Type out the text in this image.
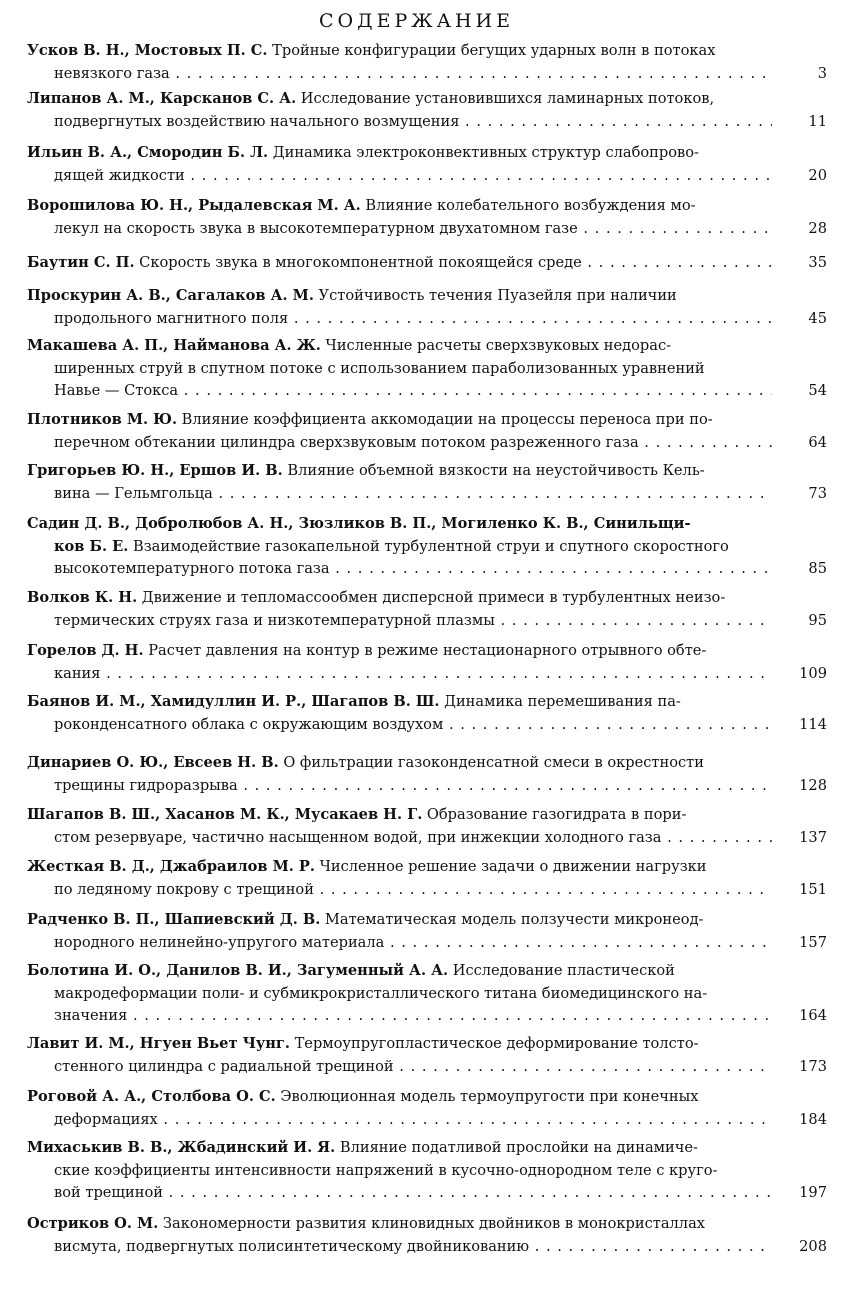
СОДЕРЖАНИЕ
Усков В. Н., Мостовых П. С. Тройные конфигурации бегущих ударных волн в потоках
невязкого газа . . .	3
Липанов А. М., Карсканов С. А. Исследование установившихся ламинарных потоков,
подвергнутых воздействию начального возмущения . . .	11
Ильин В. А., Смородин Б. Л. Динамика электроконвективных структур слабопрово-
дящей жидкости . . .	20
Ворошилова Ю. Н., Рыдалевская М. А. Влияние колебательного возбуждения мо-
лекул на скорость звука в высокотемпературном двухатомном газе . . .	28
Баутин С. П. Скорость звука в многокомпонентной покоящейся среде . . .	35
Проскурин А. В., Сагалаков А. М. Устойчивость течения Пуазейля при наличии
продольного магнитного поля . . .	45
Макашева А. П., Найманова А. Ж. Численные расчеты сверхзвуковых недорас-
ширенных струй в спутном потоке с использованием параболизованных уравнений
Навье — Стокса . . .	54
Плотников М. Ю. Влияние коэффициента аккомодации на процессы переноса при по-
перечном обтекании цилиндра сверхзвуковым потоком разреженного газа . . .	64
Григорьев Ю. Н., Ершов И. В. Влияние объемной вязкости на неустойчивость Кель-
вина — Гельмгольца . . .	73
Садин Д. В., Добролюбов А. Н., Зюзликов В. П., Могиленко К. В., Синильщи-
ков Б. Е. Взаимодействие газокапельной турбулентной струи и спутного скоростного
высокотемпературного потока газа . . .	85
Волков К. Н. Движение и тепломассообмен дисперсной примеси в турбулентных неизо-
термических струях газа и низкотемпературной плазмы . . .	95
Горелов Д. Н. Расчет давления на контур в режиме нестационарного отрывного обте-
кания . . .	109
Баянов И. М., Хамидуллин И. Р., Шагапов В. Ш. Динамика перемешивания па-
роконденсатного облака с окружающим воздухом . . .	114
Динариев О. Ю., Евсеев Н. В. О фильтрации газоконденсатной смеси в окрестности
трещины гидроразрыва . . .	128
Шагапов В. Ш., Хасанов М. К., Мусакаев Н. Г. Образование газогидрата в пори-
стом резервуаре, частично насыщенном водой, при инжекции холодного газа . . .	137
Жесткая В. Д., Джабраилов М. Р. Численное решение задачи о движении нагрузки
по ледяному покрову с трещиной . . .	151
Радченко В. П., Шапиевский Д. В. Математическая модель ползучести микронеод-
нородного нелинейно-упругого материала . . .	157
Болотина И. О., Данилов В. И., Загуменный А. А. Исследование пластической
макродеформации поли- и субмикрокристаллического титана биомедицинского на-
значения . . .	164
Лавит И. М., Нгуен Вьет Чунг. Термоупругопластическое деформирование толсто-
стенного цилиндра с радиальной трещиной . . .	173
Роговой А. А., Столбова О. С. Эволюционная модель термоупругости при конечных
деформациях . . .	184
Михаськив В. В., Жбадинский И. Я. Влияние податливой прослойки на динамиче-
ские коэффициенты интенсивности напряжений в кусочно-однородном теле с круго-
вой трещиной . . .	197
Остриков О. М. Закономерности развития клиновидных двойников в монокристаллах
висмута, подвергнутых полисинтетическому двойникованию . . .	208
